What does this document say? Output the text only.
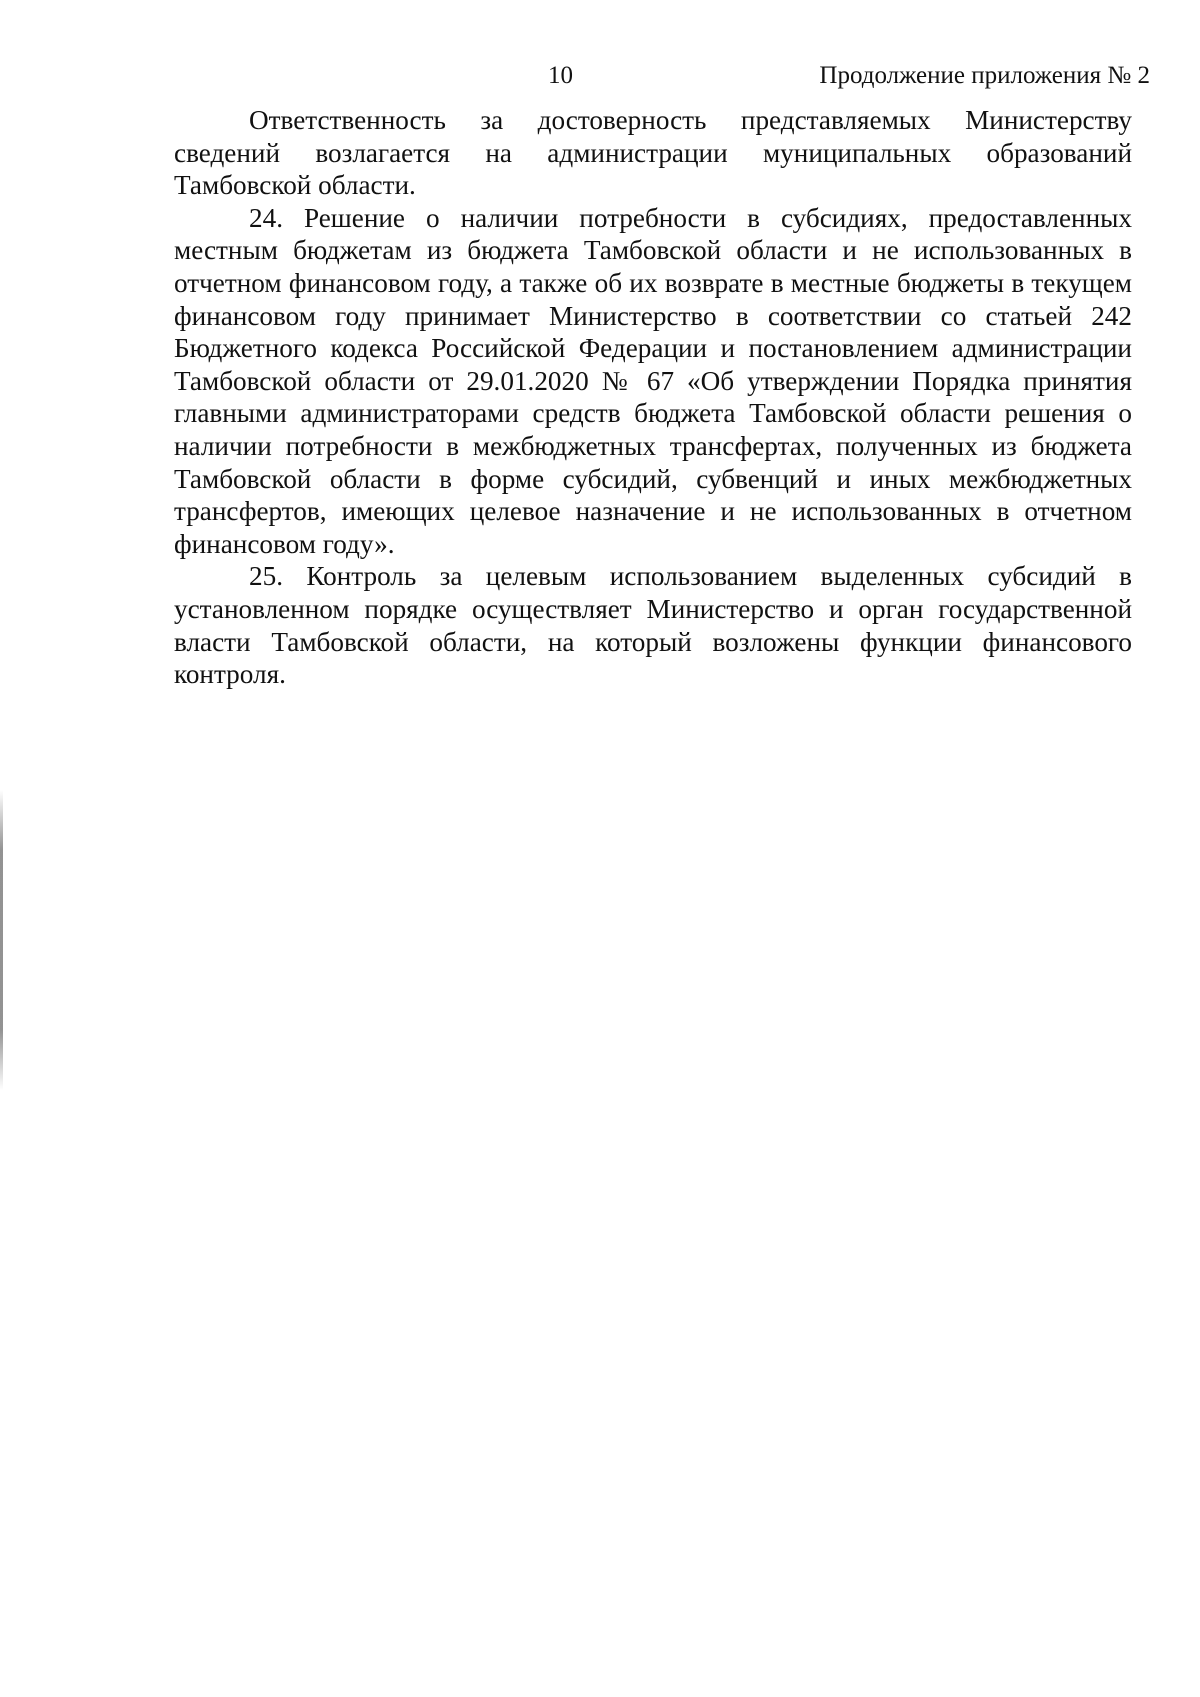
10	Продолжение приложения № 2

Ответственность за достоверность представляемых Министерству сведений возлагается на администрации муниципальных образований Тамбовской области.

24. Решение о наличии потребности в субсидиях, предоставленных местным бюджетам из бюджета Тамбовской области и не использованных в отчетном финансовом году, а также об их возврате в местные бюджеты в текущем финансовом году принимает Министерство в соответствии со статьей 242 Бюджетного кодекса Российской Федерации и постановлением администрации Тамбовской области от 29.01.2020 № 67 «Об утверждении Порядка принятия главными администраторами средств бюджета Тамбовской области решения о наличии потребности в межбюджетных трансфертах, полученных из бюджета Тамбовской области в форме субсидий, субвенций и иных межбюджетных трансфертов, имеющих целевое назначение и не использованных в отчетном финансовом году».

25. Контроль за целевым использованием выделенных субсидий в установленном порядке осуществляет Министерство и орган государственной власти Тамбовской области, на который возложены функции финансового контроля.
